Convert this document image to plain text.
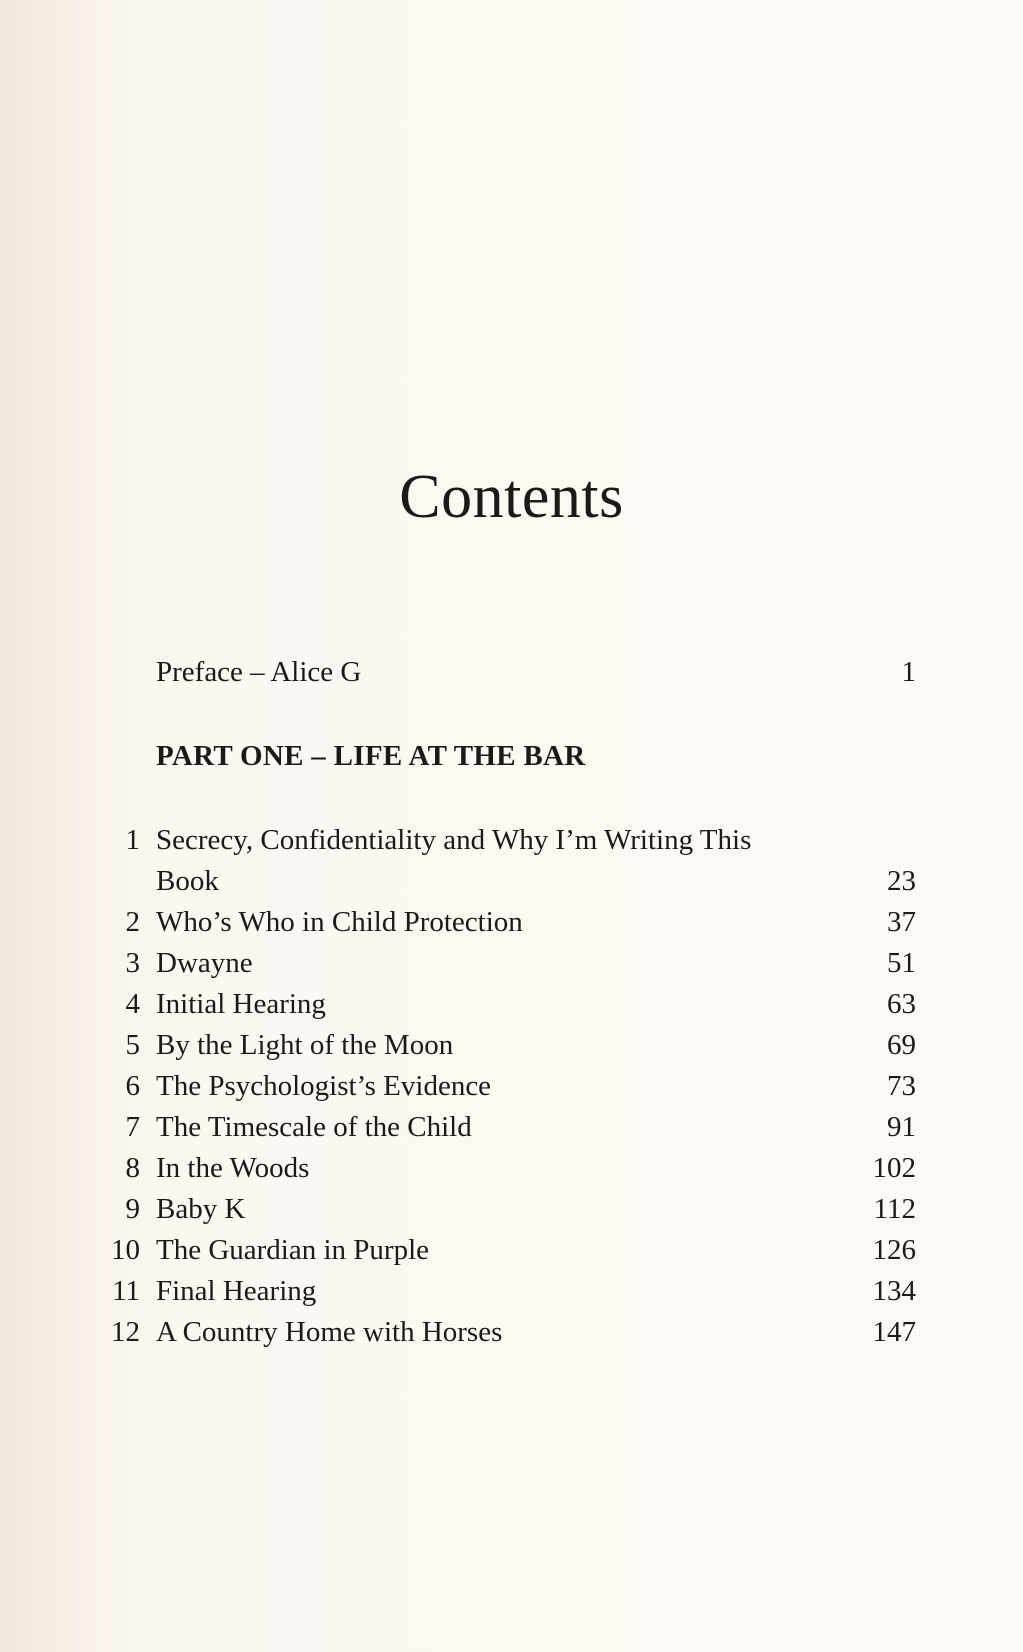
Contents
Preface – Alice G	1
PART ONE – LIFE AT THE BAR
1 Secrecy, Confidentiality and Why I’m Writing This Book	23
2 Who’s Who in Child Protection	37
3 Dwayne	51
4 Initial Hearing	63
5 By the Light of the Moon	69
6 The Psychologist’s Evidence	73
7 The Timescale of the Child	91
8 In the Woods	102
9 Baby K	112
10 The Guardian in Purple	126
11 Final Hearing	134
12 A Country Home with Horses	147
